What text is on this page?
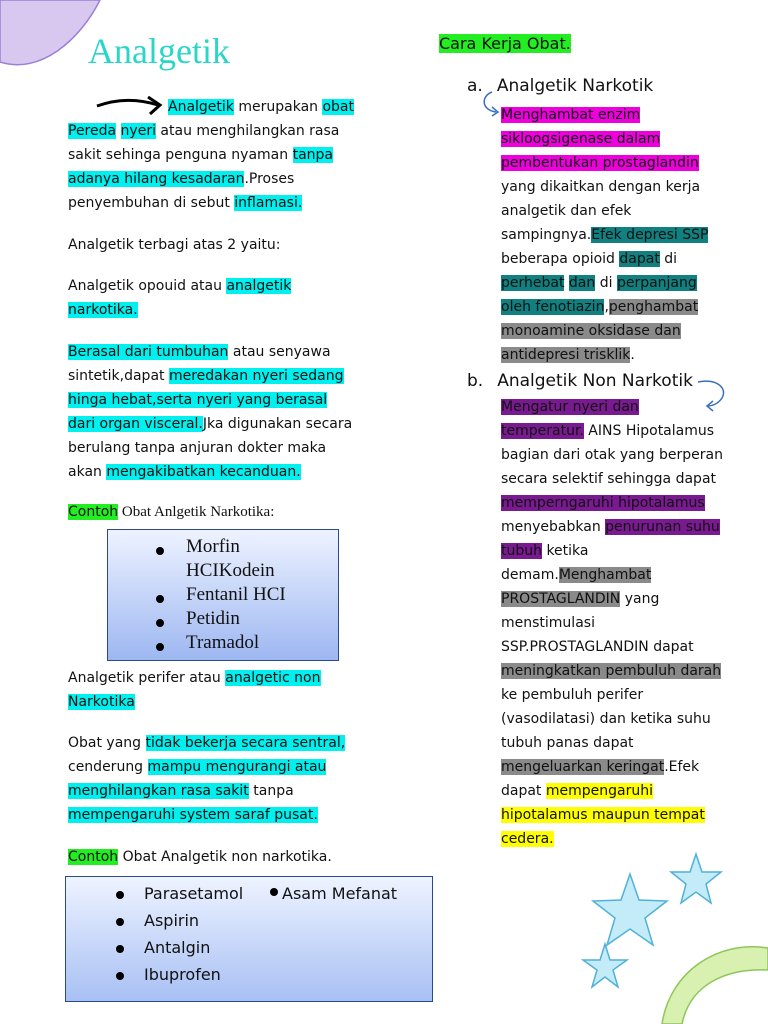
Analgetik
Analgetik merupakan obat
Pereda nyeri atau menghilangkan rasa
sakit sehinga penguna nyaman tanpa
adanya hilang kesadaran.Proses
penyembuhan di sebut inflamasi.
Analgetik terbagi atas 2 yaitu:
Analgetik opouid atau analgetik
narkotika.
Berasal dari tumbuhan atau senyawa
sintetik,dapat meredakan nyeri sedang
hinga hebat,serta nyeri yang berasal
dari organ visceral.Jka digunakan secara
berulang tanpa anjuran dokter maka
akan mengakibatkan kecanduan.
Contoh Obat Anlgetik Narkotika:
Morfin
HCIKodein
Fentanil HCI
Petidin
Tramadol
Analgetik perifer atau analgetic non
Narkotika
Obat yang tidak bekerja secara sentral,
cenderung mampu mengurangi atau
menghilangkan rasa sakit tanpa
mempengaruhi system saraf pusat.
Contoh Obat Analgetik non narkotika.
Parasetamol Asam Mefanat
Aspirin
Antalgin
Ibuprofen
Cara Kerja Obat.
a. Analgetik Narkotik
Menghambat enzim
sikloogsigenase dalam
pembentukan prostaglandin
yang dikaitkan dengan kerja
analgetik dan efek
sampingnya.Efek depresi SSP
beberapa opioid dapat di
perhebat dan di perpanjang
oleh fenotiazin,penghambat
monoamine oksidase dan
antidepresi trisklik.
b. Analgetik Non Narkotik
Mengatur nyeri dan
temperatur. AINS Hipotalamus
bagian dari otak yang berperan
secara selektif sehingga dapat
memperngaruhi hipotalamus
menyebabkan penurunan suhu
tubuh ketika
demam.Menghambat
PROSTAGLANDIN yang
menstimulasi
SSP.PROSTAGLANDIN dapat
meningkatkan pembuluh darah
ke pembuluh perifer
(vasodilatasi) dan ketika suhu
tubuh panas dapat
mengeluarkan keringat.Efek
dapat mempengaruhi
hipotalamus maupun tempat
cedera.
